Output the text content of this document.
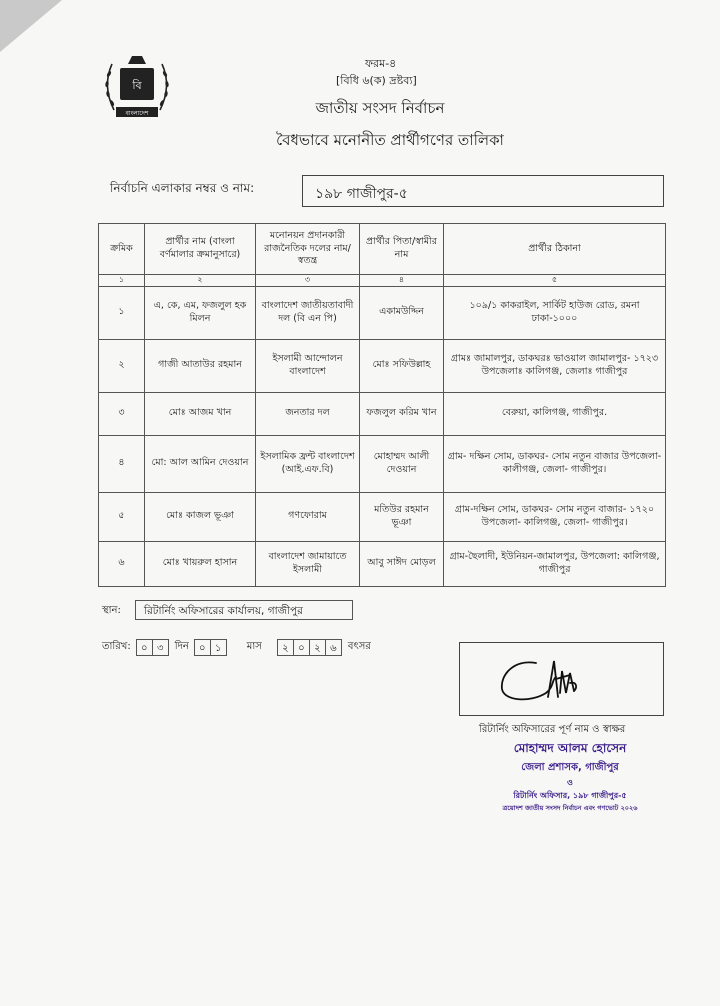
বি
বাংলাদেশ
ফরম-৪
[বিধি ৬(ক) দ্রষ্টব্য]
জাতীয় সংসদ নির্বাচন
বৈধভাবে মনোনীত প্রার্থীগণের তালিকা
নির্বাচনি এলাকার নম্বর ও নাম:	১৯৮ গাজীপুর-৫
ক্রমিক	প্রার্থীর নাম (বাংলা বর্ণমালার ক্রমানুসারে)	মনোনয়ন প্রদানকারী রাজনৈতিক দলের নাম/ স্বতন্ত্র	প্রার্থীর পিতা/স্বামীর নাম	প্রার্থীর ঠিকানা
১	২	৩	৪	৫
১	এ, কে, এম, ফজলুল হক মিলন	বাংলাদেশ জাতীয়তাবাদী দল (বি এন পি)	একামউদ্দিন	১০৯/১ কাকরাইল, সার্কিট হাউজ রোড, রমনা ঢাকা-১০০০
২	গাজী আতাউর রহমান	ইসলামী আন্দোলন বাংলাদেশ	মোঃ সফিউল্লাহ	গ্রামঃ জামালপুর, ডাকঘরঃ ভাওয়াল জামালপুর- ১৭২৩ উপজেলাঃ কালিগঞ্জ, জেলাঃ গাজীপুর
৩	মোঃ আজম খান	জনতার দল	ফজলুল করিম খান	বেরুয়া, কালিগঞ্জ, গাজীপুর.
৪	মো: আল আমিন দেওয়ান	ইসলামিক ফ্রন্ট বাংলাদেশ (আই.এফ.বি)	মোহাম্মদ আলী দেওয়ান	গ্রাম- দক্ষিন সোম, ডাকঘর- সোম নতুন বাজার উপজেলা- কালীগঞ্জ, জেলা- গাজীপুর।
৫	মোঃ কাজল ভূঞা	গণফোরাম	মতিউর রহমান ভূঞা	গ্রাম-দক্ষিন সোম, ডাকঘর- সোম নতুন বাজার- ১৭২০ উপজেলা- কালিগঞ্জ, জেলা- গাজীপুর।
৬	মোঃ খায়রুল হাসান	বাংলাদেশ জামায়াতে ইসলামী	আবু সাঈদ মোড়ল	গ্রাম-ছৈলাদী, ইউনিয়ন-জামালপুর, উপজেলা: কালিগঞ্জ, গাজীপুর
স্থান:	রিটার্নিং অফিসারের কার্যালয়, গাজীপুর
তারিখ:	০ ৩	দিন	০ ১	মাস	২ ০ ২ ৬	বৎসর
রিটার্নিং অফিসারের পূর্ণ নাম ও স্বাক্ষর
মোহাম্মদ আলম হোসেন
জেলা প্রশাসক, গাজীপুর
ও
রিটার্নিং অফিসার, ১৯৮ গাজীপুর-৫
ত্রয়োদশ জাতীয় সংসদ নির্বাচন এবং গণভোট ২০২৬
